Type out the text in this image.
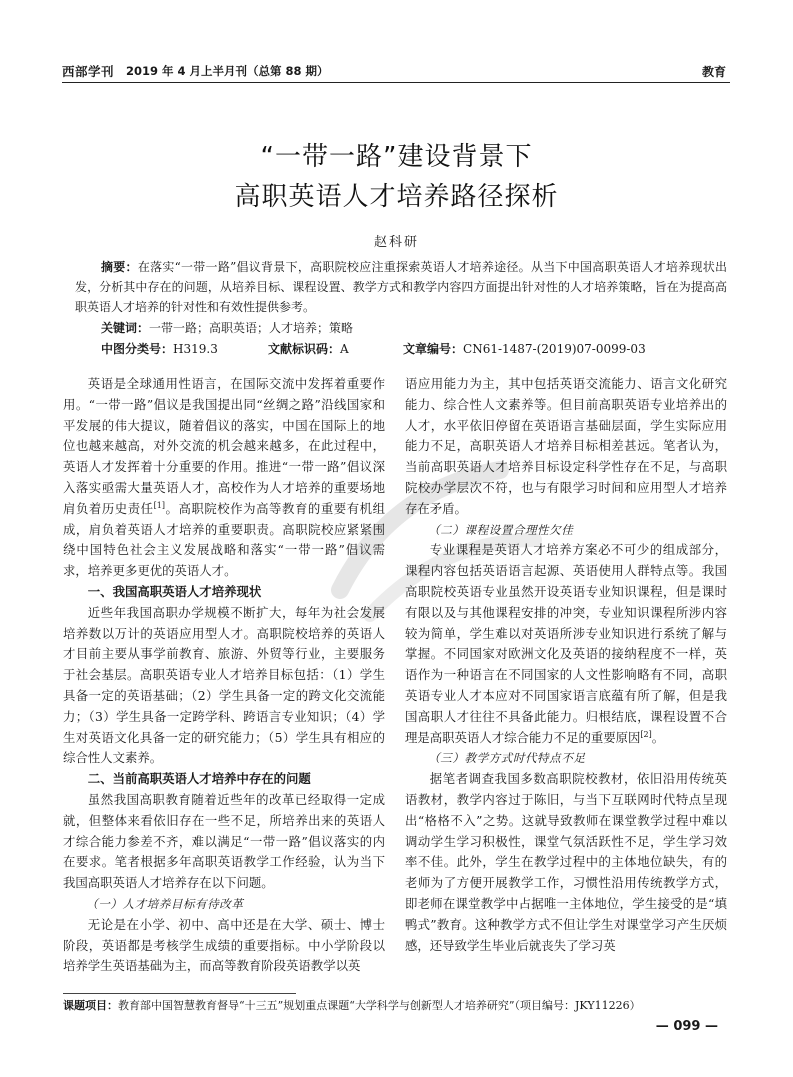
西部学刊 2019 年 4 月上半月刊（总第 88 期）	教育
“一带一路”建设背景下
高职英语人才培养路径探析
赵科研
摘要：在落实“一带一路”倡议背景下，高职院校应注重探索英语人才培养途径。从当下中国高职英语人才培养现状出发，分析其中存在的问题，从培养目标、课程设置、教学方式和教学内容四方面提出针对性的人才培养策略，旨在为提高高职英语人才培养的针对性和有效性提供参考。
关键词：一带一路；高职英语；人才培养；策略
中图分类号：H319.3	文献标识码：A	文章编号：CN61-1487-(2019)07-0099-03

英语是全球通用性语言，在国际交流中发挥着重要作用。“一带一路”倡议是我国提出同“丝绸之路”沿线国家和平发展的伟大提议，随着倡议的落实，中国在国际上的地位也越来越高，对外交流的机会越来越多，在此过程中，英语人才发挥着十分重要的作用。推进“一带一路”倡议深入落实亟需大量英语人才，高校作为人才培养的重要场地肩负着历史责任[1]。高职院校作为高等教育的重要有机组成，肩负着英语人才培养的重要职责。高职院校应紧紧围绕中国特色社会主义发展战略和落实“一带一路”倡议需求，培养更多更优的英语人才。

一、我国高职英语人才培养现状

近些年我国高职办学规模不断扩大，每年为社会发展培养数以万计的英语应用型人才。高职院校培养的英语人才目前主要从事学前教育、旅游、外贸等行业，主要服务于社会基层。高职英语专业人才培养目标包括：（1）学生具备一定的英语基础；（2）学生具备一定的跨文化交流能力；（3）学生具备一定跨学科、跨语言专业知识；（4）学生对英语文化具备一定的研究能力；（5）学生具有相应的综合性人文素养。

二、当前高职英语人才培养中存在的问题

虽然我国高职教育随着近些年的改革已经取得一定成就，但整体来看依旧存在一些不足，所培养出来的英语人才综合能力参差不齐，难以满足“一带一路”倡议落实的内在要求。笔者根据多年高职英语教学工作经验，认为当下我国高职英语人才培养存在以下问题。

（一）人才培养目标有待改革

无论是在小学、初中、高中还是在大学、硕士、博士阶段，英语都是考核学生成绩的重要指标。中小学阶段以培养学生英语基础为主，而高等教育阶段英语教学以英

语应用能力为主，其中包括英语交流能力、语言文化研究能力、综合性人文素养等。但目前高职英语专业培养出的人才，水平依旧停留在英语语言基础层面，学生实际应用能力不足，高职英语人才培养目标相差甚远。笔者认为，当前高职英语人才培养目标设定科学性存在不足，与高职院校办学层次不符，也与有限学习时间和应用型人才培养存在矛盾。

（二）课程设置合理性欠佳

专业课程是英语人才培养方案必不可少的组成部分，课程内容包括英语语言起源、英语使用人群特点等。我国高职院校英语专业虽然开设英语专业知识课程，但是课时有限以及与其他课程安排的冲突，专业知识课程所涉内容较为简单，学生难以对英语所涉专业知识进行系统了解与掌握。不同国家对欧洲文化及英语的接纳程度不一样，英语作为一种语言在不同国家的人文性影响略有不同，高职英语专业人才本应对不同国家语言底蕴有所了解，但是我国高职人才往往不具备此能力。归根结底，课程设置不合理是高职英语人才综合能力不足的重要原因[2]。

（三）教学方式时代特点不足

据笔者调查我国多数高职院校教材，依旧沿用传统英语教材，教学内容过于陈旧，与当下互联网时代特点呈现出“格格不入”之势。这就导致教师在课堂教学过程中难以调动学生学习积极性，课堂气氛活跃性不足，学生学习效率不佳。此外，学生在教学过程中的主体地位缺失，有的老师为了方便开展教学工作，习惯性沿用传统教学方式，即老师在课堂教学中占据唯一主体地位，学生接受的是“填鸭式”教育。这种教学方式不但让学生对课堂学习产生厌烦感，还导致学生毕业后就丧失了学习英

课题项目：教育部中国智慧教育督导“十三五”规划重点课题“大学科学与创新型人才培养研究”（项目编号：JKY11226）
— 099 —
